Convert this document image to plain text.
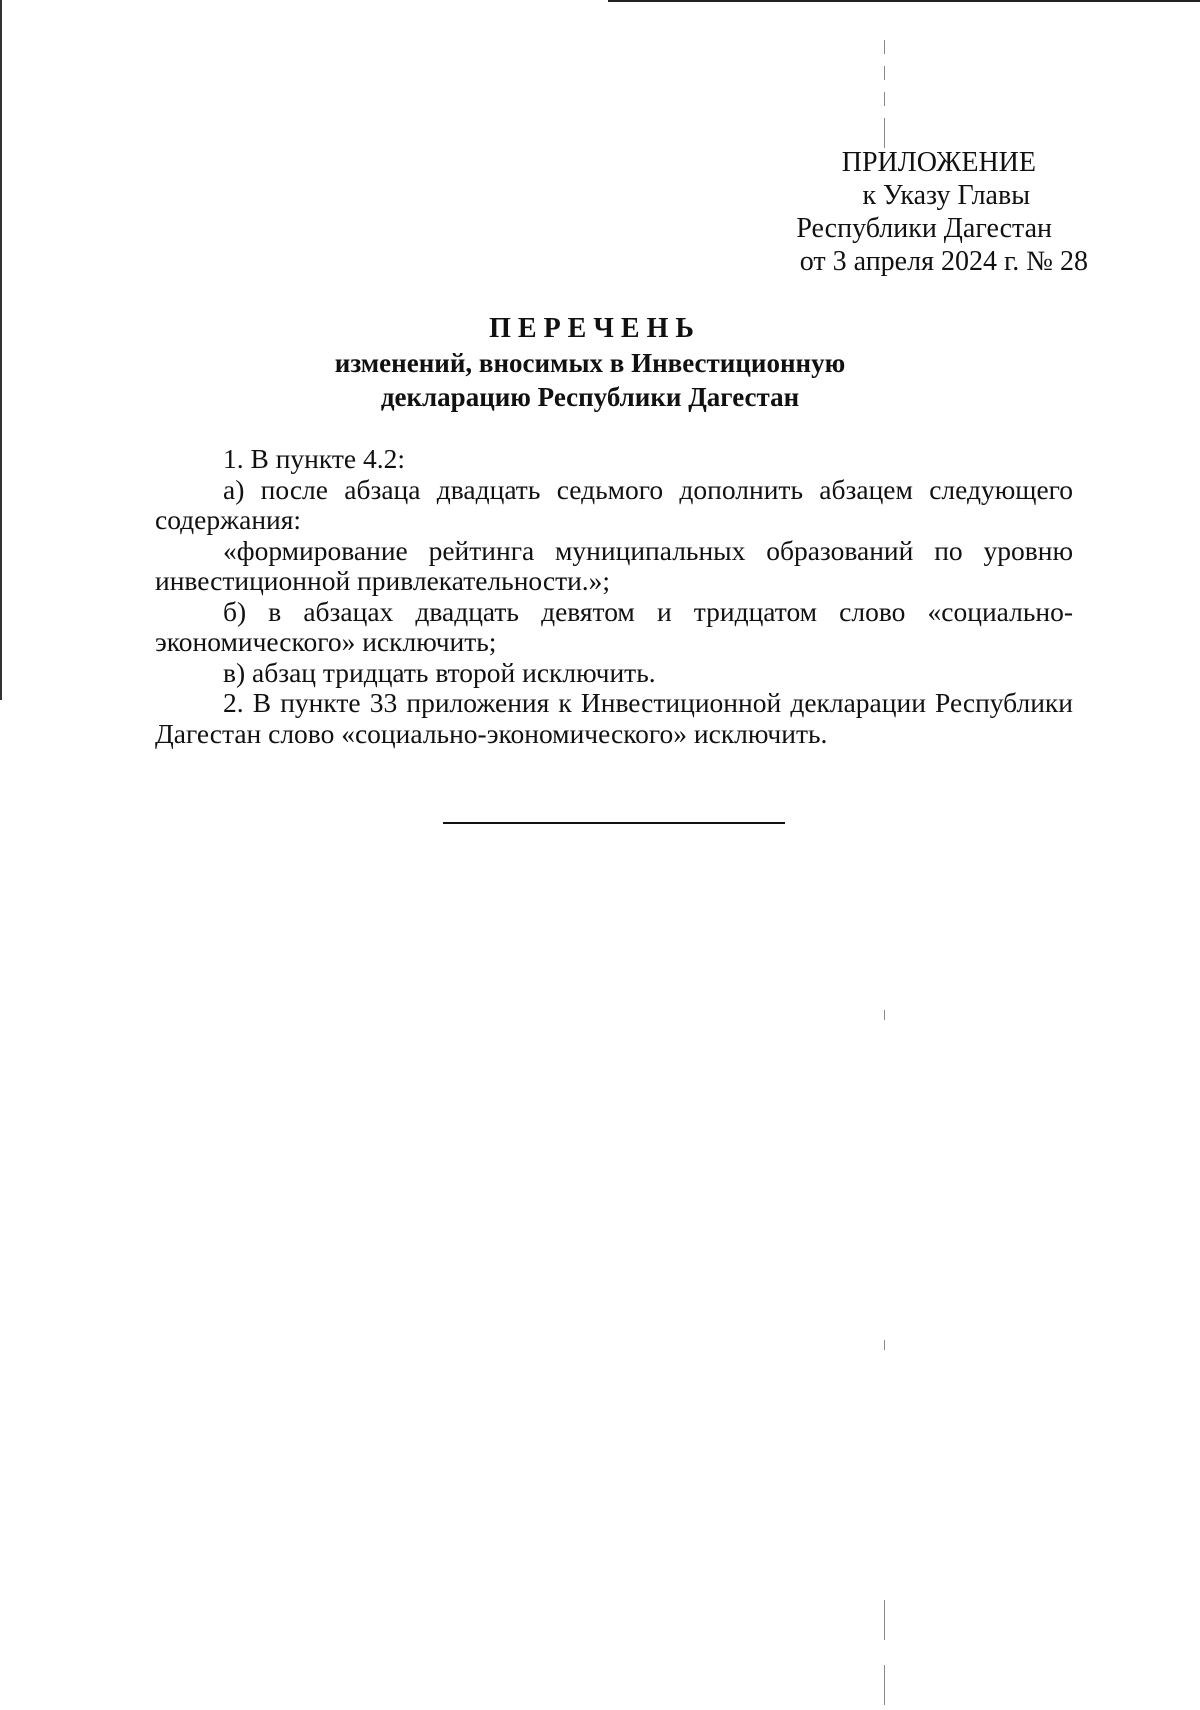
ПРИЛОЖЕНИЕ
к Указу Главы
Республики Дагестан
от 3 апреля 2024 г. № 28
ПЕРЕЧЕНЬ
изменений, вносимых в Инвестиционную
декларацию Республики Дагестан

1. В пункте 4.2:

а) после абзаца двадцать седьмого дополнить абзацем следующего содержания:

«формирование рейтинга муниципальных образований по уровню инвестиционной привлекательности.»;

б) в абзацах двадцать девятом и тридцатом слово «социально-экономического» исключить;

в) абзац тридцать второй исключить.

2. В пункте 33 приложения к Инвестиционной декларации Республики Дагестан слово «социально-экономического» исключить.
